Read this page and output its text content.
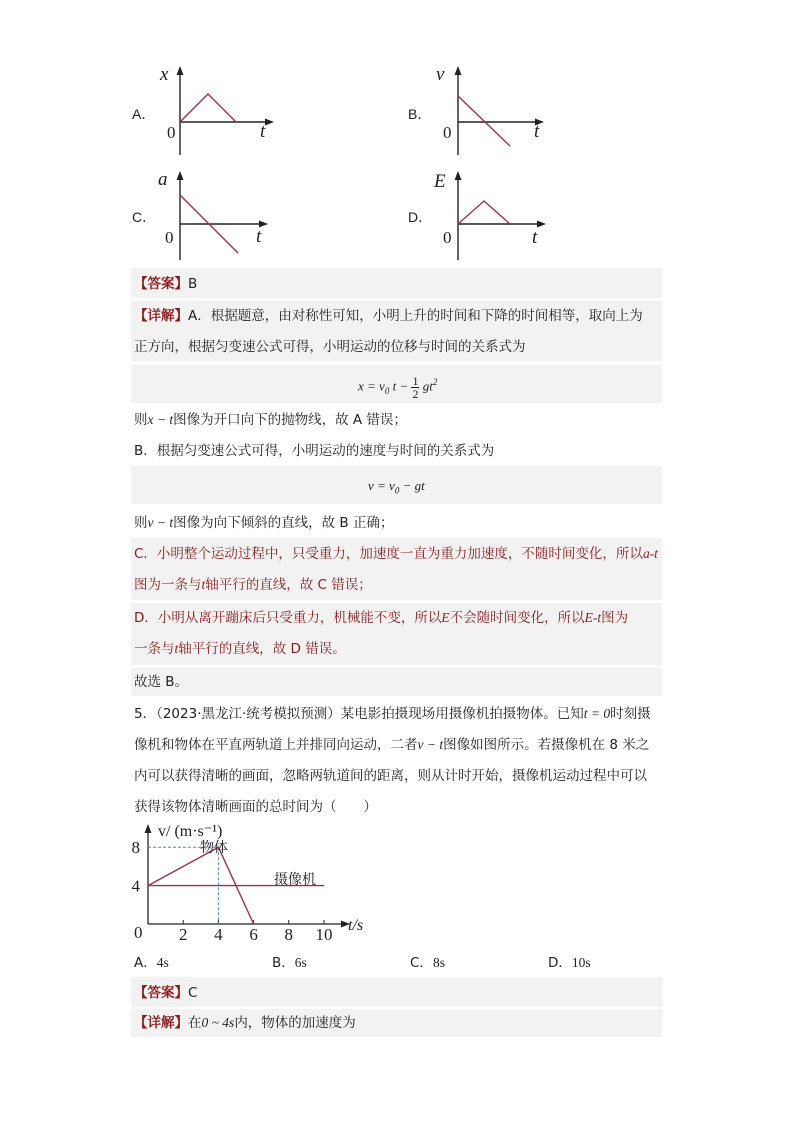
A．
x
t
0
B．
v
t
0
C．
a
t
0
D．
E
t
0
【答案】B
【详解】A．根据题意，由对称性可知，小明上升的时间和下降的时间相等，取向上为
正方向，根据匀变速公式可得，小明运动的位移与时间的关系式为
$x = v_0$ $t - \frac{1}{2} gt^2$
则x − t图像为开口向下的抛物线，故 A 错误；
B．根据匀变速公式可得，小明运动的速度与时间的关系式为
$v = v_0$ − gt
则v − t图像为向下倾斜的直线，故 B 正确；
C．小明整个运动过程中，只受重力，加速度一直为重力加速度，不随时间变化，所以a-t
图为一条与t轴平行的直线，故 C 错误；
D．小明从离开蹦床后只受重力，机械能不变，所以E不会随时间变化，所以E-t图为
一条与t轴平行的直线，故 D 错误。
故选 B。
5．（2023·黑龙江·统考模拟预测）某电影拍摄现场用摄像机拍摄物体。已知t = 0时刻摄
像机和物体在平直两轨道上并排同向运动，二者v − t图像如图所示。若摄像机在 8 米之
内可以获得清晰的画面，忽略两轨道间的距离，则从计时开始，摄像机运动过程中可以
获得该物体清晰画面的总时间为（　　）
2 4 6 8 10
4
8
v/ (m·s⁻¹)
t/s
0
物体
摄像机
A．4s	B．6s	C．8s	D．10s
【答案】C
【详解】在0 ~ 4s内，物体的加速度为
